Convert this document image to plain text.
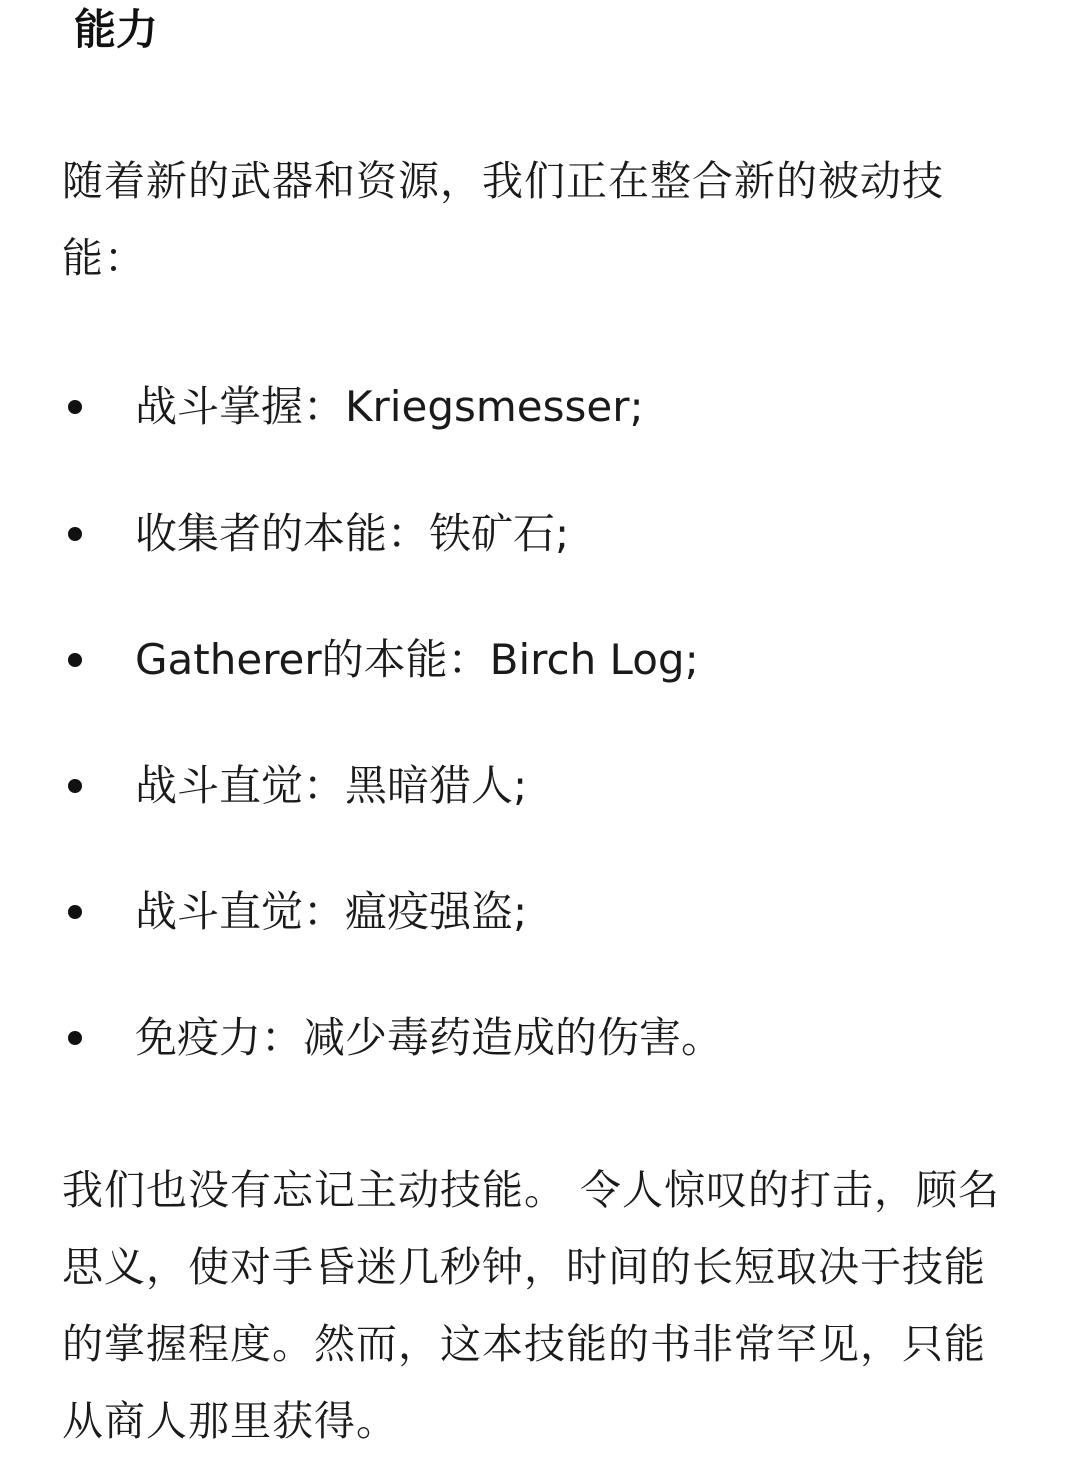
能力

随着新的武器和资源，我们正在整合新的被动技能：

战斗掌握：Kriegsmesser;
收集者的本能：铁矿石;
Gatherer的本能：Birch Log;
战斗直觉：黑暗猎人;
战斗直觉：瘟疫强盗;
免疫力：减少毒药造成的伤害。

我们也没有忘记主动技能。 令人惊叹的打击，顾名思义，使对手昏迷几秒钟，时间的长短取决于技能的掌握程度。然而，这本技能的书非常罕见，只能从商人那里获得。
